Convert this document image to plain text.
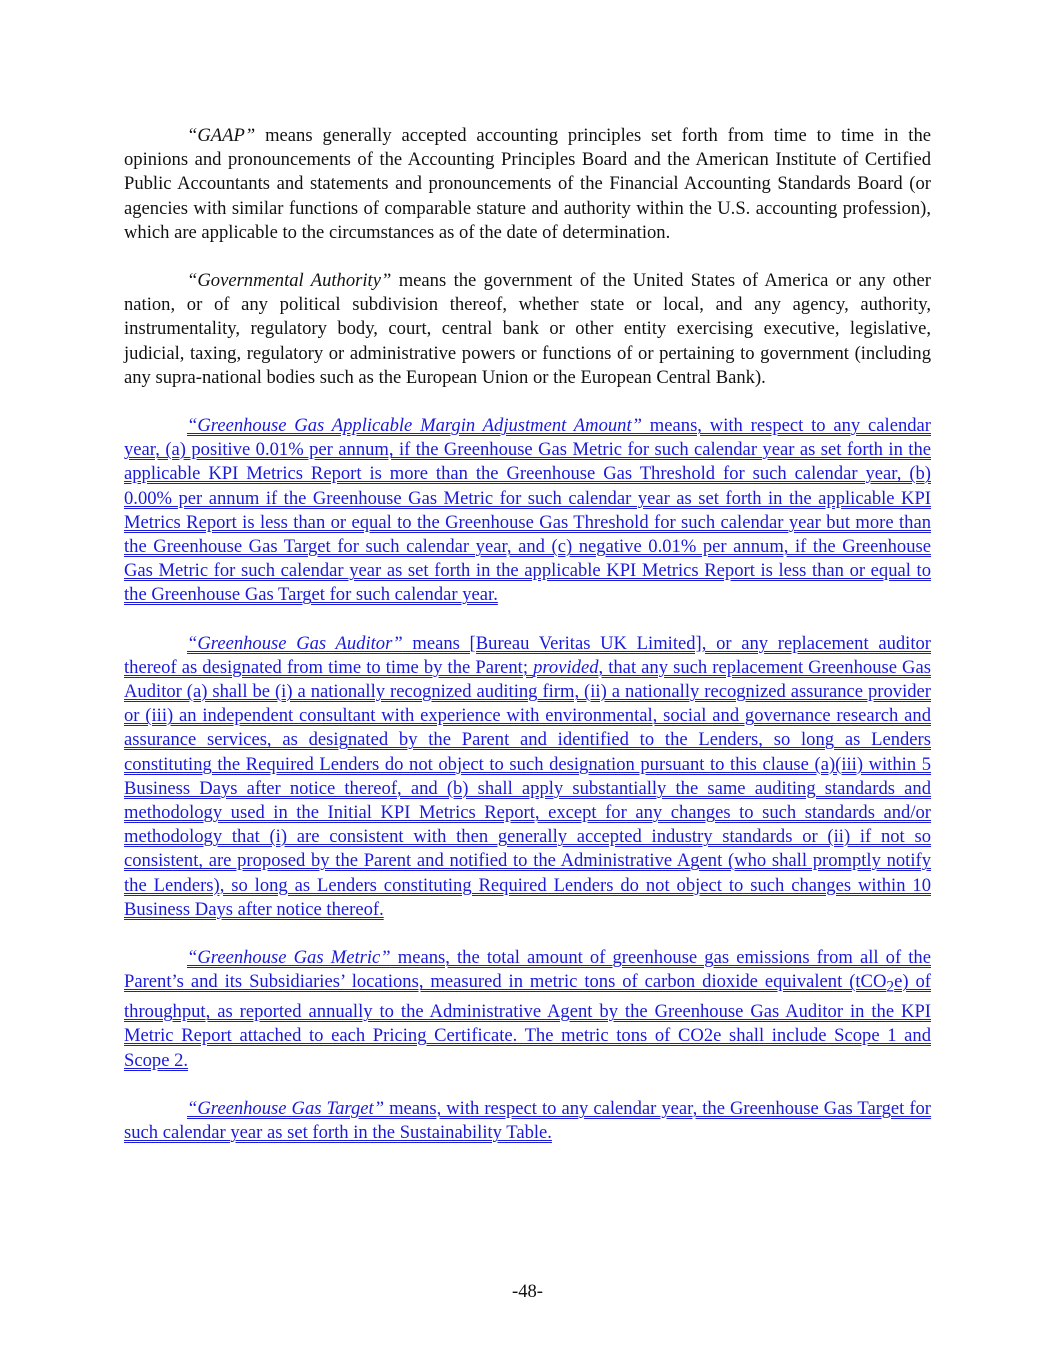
“GAAP” means generally accepted accounting principles set forth from time to time in the opinions and pronouncements of the Accounting Principles Board and the American Institute of Certified Public Accountants and statements and pronouncements of the Financial Accounting Standards Board (or agencies with similar functions of comparable stature and authority within the U.S. accounting profession), which are applicable to the circumstances as of the date of determination.

“Governmental Authority” means the government of the United States of America or any other nation, or of any political subdivision thereof, whether state or local, and any agency, authority, instrumentality, regulatory body, court, central bank or other entity exercising executive, legislative, judicial, taxing, regulatory or administrative powers or functions of or pertaining to government (including any supra-national bodies such as the European Union or the European Central Bank).

“Greenhouse Gas Applicable Margin Adjustment Amount” means, with respect to any calendar year, (a) positive 0.01% per annum, if the Greenhouse Gas Metric for such calendar year as set forth in the applicable KPI Metrics Report is more than the Greenhouse Gas Threshold for such calendar year, (b) 0.00% per annum if the Greenhouse Gas Metric for such calendar year as set forth in the applicable KPI Metrics Report is less than or equal to the Greenhouse Gas Threshold for such calendar year but more than the Greenhouse Gas Target for such calendar year, and (c) negative 0.01% per annum, if the Greenhouse Gas Metric for such calendar year as set forth in the applicable KPI Metrics Report is less than or equal to the Greenhouse Gas Target for such calendar year.

“Greenhouse Gas Auditor” means [Bureau Veritas UK Limited], or any replacement auditor thereof as designated from time to time by the Parent; provided, that any such replacement Greenhouse Gas Auditor (a) shall be (i) a nationally recognized auditing firm, (ii) a nationally recognized assurance provider or (iii) an independent consultant with experience with environmental, social and governance research and assurance services, as designated by the Parent and identified to the Lenders, so long as Lenders constituting the Required Lenders do not object to such designation pursuant to this clause (a)(iii) within 5 Business Days after notice thereof, and (b) shall apply substantially the same auditing standards and methodology used in the Initial KPI Metrics Report, except for any changes to such standards and/or methodology that (i) are consistent with then generally accepted industry standards or (ii) if not so consistent, are proposed by the Parent and notified to the Administrative Agent (who shall promptly notify the Lenders), so long as Lenders constituting Required Lenders do not object to such changes within 10 Business Days after notice thereof.

“Greenhouse Gas Metric” means, the total amount of greenhouse gas emissions from all of the Parent’s and its Subsidiaries’ locations, measured in metric tons of carbon dioxide equivalent (tCO$_2$e) of throughput, as reported annually to the Administrative Agent by the Greenhouse Gas Auditor in the KPI Metric Report attached to each Pricing Certificate. The metric tons of CO2e shall include Scope 1 and Scope 2.

“Greenhouse Gas Target” means, with respect to any calendar year, the Greenhouse Gas Target for such calendar year as set forth in the Sustainability Table.

-48-
